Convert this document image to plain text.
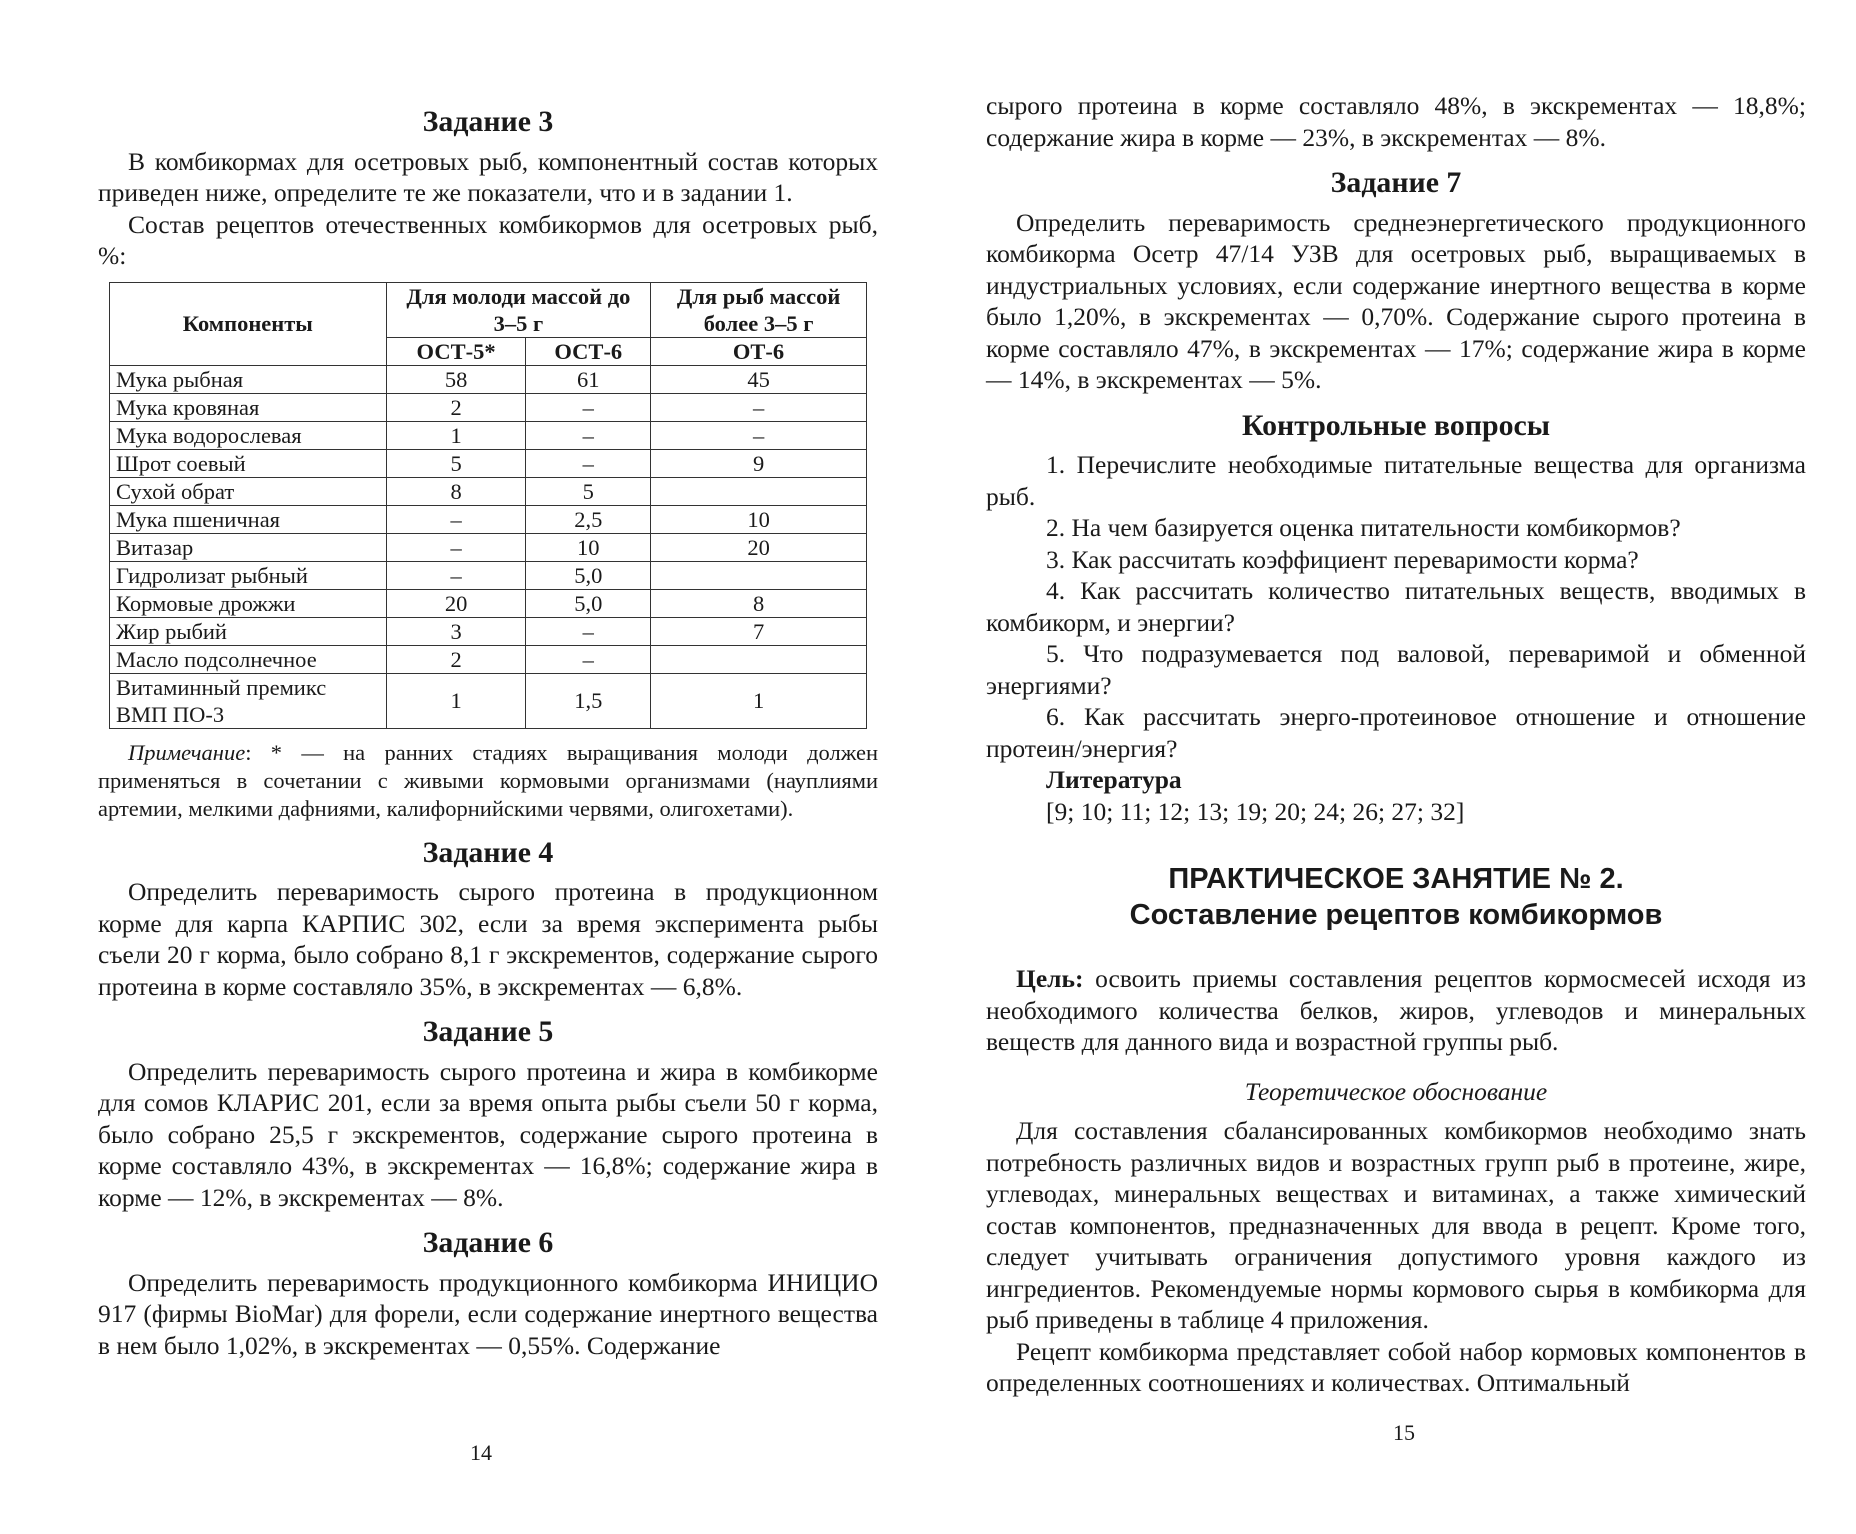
Задание 3

В комбикормах для осетровых рыб, компонентный состав которых приведен ниже, определите те же показатели, что и в задании 1.

Состав рецептов отечественных комбикормов для осетровых рыб, %:

Компоненты	Для молоди массой до 3–5 г		Для рыб массой более 3–5 г
	ОСТ-5*	ОСТ-6	ОТ-6
Мука рыбная	58	61	45
Мука кровяная	2	–	–
Мука водорослевая	1	–	–
Шрот соевый	5	–	9
Сухой обрат	8	5	
Мука пшеничная	–	2,5	10
Витазар	–	10	20
Гидролизат рыбный	–	5,0	
Кормовые дрожжи	20	5,0	8
Жир рыбий	3	–	7
Масло подсолнечное	2	–	
Витаминный премикс ВМП ПО-3	1	1,5	1
Примечание: * — на ранних стадиях выращивания молоди должен применяться в сочетании с живыми кормовыми организмами (науплиями артемии, мелкими дафниями, калифорнийскими червями, олигохетами).
Задание 4

Определить переваримость сырого протеина в продукционном корме для карпа КАРПИС 302, если за время эксперимента рыбы съели 20 г корма, было собрано 8,1 г экскрементов, содержание сырого протеина в корме составляло 35%, в экскрементах — 6,8%.

Задание 5

Определить переваримость сырого протеина и жира в комбикорме для сомов КЛАРИС 201, если за время опыта рыбы съели 50 г корма, было собрано 25,5 г экскрементов, содержание сырого протеина в корме составляло 43%, в экскрементах — 16,8%; содержание жира в корме — 12%, в экскрементах — 8%.

Задание 6

Определить переваримость продукционного комбикорма ИНИЦИО 917 (фирмы BioMar) для форели, если содержание инертного вещества в нем было 1,02%, в экскрементах — 0,55%. Содержание

14

сырого протеина в корме составляло 48%, в экскрементах — 18,8%; содержание жира в корме — 23%, в экскрементах — 8%.

Задание 7

Определить переваримость среднеэнергетического продукционного комбикорма Осетр 47/14 УЗВ для осетровых рыб, выращиваемых в индустриальных условиях, если содержание инертного вещества в корме было 1,20%, в экскрементах — 0,70%. Содержание сырого протеина в корме составляло 47%, в экскрементах — 17%; содержание жира в корме — 14%, в экскрементах — 5%.

Контрольные вопросы

1. Перечислите необходимые питательные вещества для организма рыб.

2. На чем базируется оценка питательности комбикормов?

3. Как рассчитать коэффициент переваримости корма?

4. Как рассчитать количество питательных веществ, вводимых в комбикорм, и энергии?

5. Что подразумевается под валовой, переваримой и обменной энергиями?

6. Как рассчитать энерго-протеиновое отношение и отношение протеин/энергия?

Литература
[9; 10; 11; 12; 13; 19; 20; 24; 26; 27; 32]
ПРАКТИЧЕСКОЕ ЗАНЯТИЕ № 2.
Составление рецептов комбикормов

Цель: освоить приемы составления рецептов кормосмесей исходя из необходимого количества белков, жиров, углеводов и минеральных веществ для данного вида и возрастной группы рыб.

Теоретическое обоснование

Для составления сбалансированных комбикормов необходимо знать потребность различных видов и возрастных групп рыб в протеине, жире, углеводах, минеральных веществах и витаминах, а также химический состав компонентов, предназначенных для ввода в рецепт. Кроме того, следует учитывать ограничения допустимого уровня каждого из ингредиентов. Рекомендуемые нормы кормового сырья в комбикорма для рыб приведены в таблице 4 приложения.

Рецепт комбикорма представляет собой набор кормовых компонентов в определенных соотношениях и количествах. Оптимальный

15
